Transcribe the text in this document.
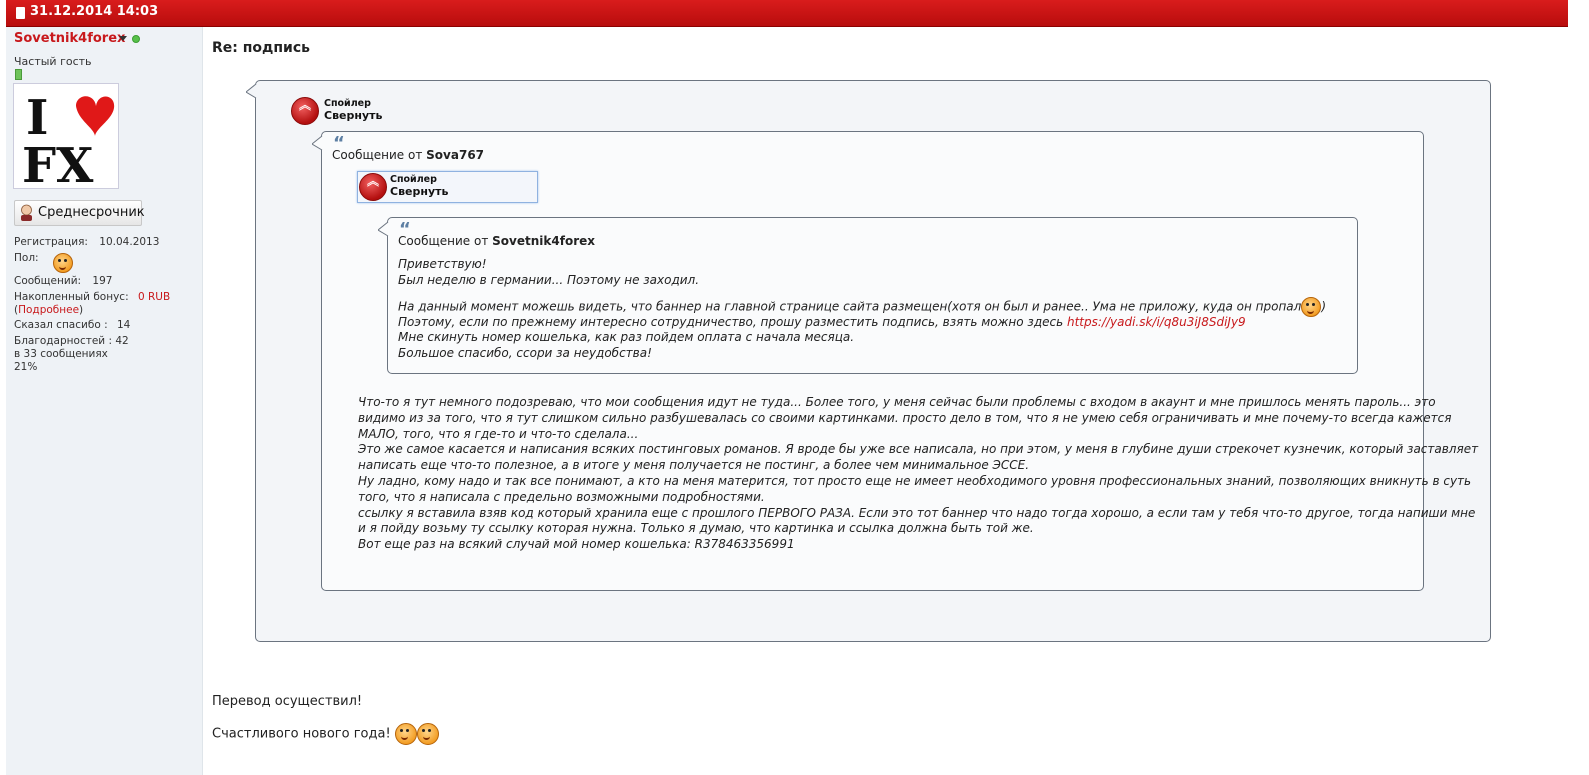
31.12.2014 14:03
Sovetnik4forex
Частый гость
I
FX
Среднесрочник
Регистрация: 10.04.2013
Пол:
Сообщений: 197
Накопленный бонус: 0 RUB
(Подробнее)
Сказал спасибо : 14
Благодарностей : 42
в 33 сообщениях
21%
Re: подпись
︽	Спойлер
Свернуть
“
Сообщение от Sova767
︽	Спойлер
Свернуть
“
Сообщение от Sovetnik4forex
Приветствую!
Был неделю в германии... Поэтому не заходил.
На данный момент можешь видеть, что баннер на главной странице сайта размещен(хотя он был и ранее.. Ума не приложу, куда он пропал )
Поэтому, если по прежнему интересно сотрудничество, прошу разместить подпись, взять можно здесь https://yadi.sk/i/q8u3iJ8SdiJy9
Мне скинуть номер кошелька, как раз пойдем оплата с начала месяца.
Большое спасибо, ссори за неудобства!
Что-то я тут немного подозреваю, что мои сообщения идут не туда... Более того, у меня сейчас были проблемы с входом в акаунт и мне пришлось менять пароль... это
видимо из за того, что я тут слишком сильно разбушевалась со своими картинками. просто дело в том, что я не умею себя ограничивать и мне почему-то всегда кажется
МАЛО, того, что я где-то и что-то сделала...
Это же самое касается и написания всяких постинговых романов. Я вроде бы уже все написала, но при этом, у меня в глубине души стрекочет кузнечик, который заставляет
написать еще что-то полезное, а в итоге у меня получается не постинг, а более чем минимальное ЭССЕ.
Ну ладно, кому надо и так все понимают, а кто на меня матерится, тот просто еще не имеет необходимого уровня профессиональных знаний, позволяющих вникнуть в суть
того, что я написала с предельно возможными подробностями.
ссылку я вставила взяв код который хранила еще с прошлого ПЕРВОГО РАЗА. Если это тот баннер что надо тогда хорошо, а если там у тебя что-то другое, тогда напиши мне
и я пойду возьму ту ссылку которая нужна. Только я думаю, что картинка и ссылка должна быть той же.
Вот еще раз на всякий случай мой номер кошелька: R378463356991
Перевод осуществил!
Счастливого нового года!
